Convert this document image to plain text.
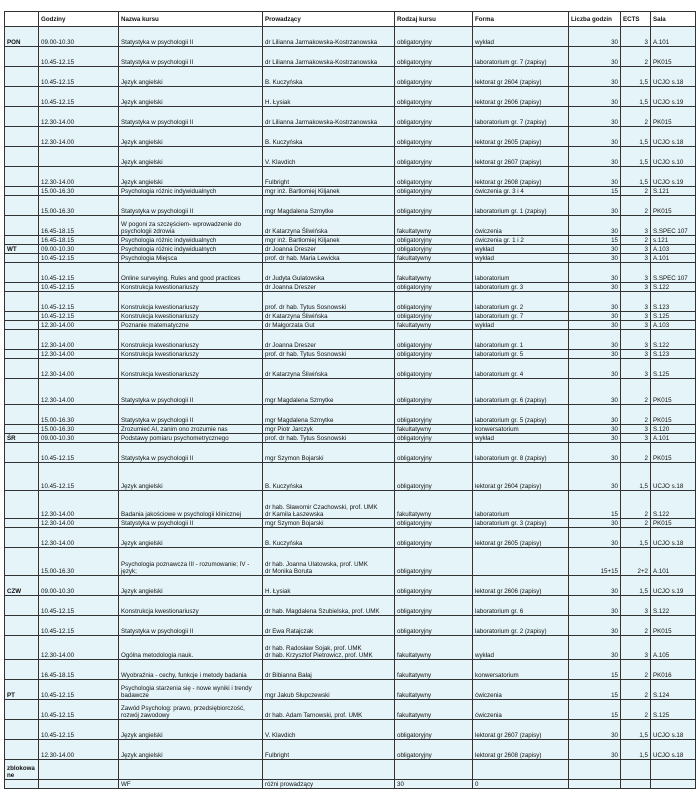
	Godziny	Nazwa kursu	Prowadzący	Rodzaj kursu	Forma	Liczba godzin	ECTS	Sala
PON	09.00-10.30	Statystyka w psychologii II	dr Lilianna Jarmakowska-Kostrzanowska	obligatoryjny	wykład	30	3	A.101
	10.45-12.15	Statystyka w psychologii II	dr Lilianna Jarmakowska-Kostrzanowska	obligatoryjny	laboratorium gr. 7 (zapisy)	30	2	PK015
	10.45-12.15	Język angielski	B. Kuczyńska	obligatoryjny	lektorat gr 2604 (zapisy)	30	1,5	UCJO s.18
	10.45-12.15	Język angielski	H. Łysiak	obligatoryjny	lektorat gr 2606 (zapisy)	30	1,5	UCJO s.19
	12.30-14.00	Statystyka w psychologii II	dr Lilianna Jarmakowska-Kostrzanowska	obligatoryjny	laboratorium gr. 7 (zapisy)	30	2	PK015
	12.30-14.00	Język angielski	B. Kuczyńska	obligatoryjny	lektorat gr 2605 (zapisy)	30	1,5	UCJO s.18
		Język angielski	V. Klavdich	obligatoryjny	lektorat gr 2607 (zapisy)	30	1,5	UCJO s.10
	12.30-14.00	Język angielski	Fulbright	obligatoryjny	lektorat gr 2608 (zapisy)	30	1,5	UCJO s.19
	15.00-16.30	Psychologia różnic indywidualnych	mgr inż. Bartłomiej Kiljanek	obligatoryjny	ćwiczenia gr. 3 i 4	15	2	S.121
	15.00-16.30	Statystyka w psychologii II	mgr Magdalena Szmytke	obligatoryjny	laboratorium gr. 1 (zapisy)	30	2	PK015
	16.45-18.15	W pogoni za szczęściem- wprowadzenie do psychologii zdrowia	dr Katarzyna Śliwińska	fakultatywny	ćwiczenia	30	3	S.SPEC 107
	16.45-18.15	Psychologia różnic indywidualnych	mgr inż. Bartłomiej Kiljanek	obligatoryjny	ćwiczenia gr. 1 i 2	15	2	s.121
WT	09.00-10.30	Psychologia różnic indywidualnych	dr Joanna Dreszer	obligatoryjny	wykład	30	3	A.103
	10.45-12.15	Psychologia Miejsca	prof. dr hab. Maria Lewicka	fakultatywny	wykład	30	3	A.101
	10.45-12.15	Online surveying. Rules and good practices	dr Judyta Gulatowska	fakultatywny	laboratorium	30	3	S.SPEC 107
	10.45-12.15	Konstrukcja kwestionariuszy	dr Joanna Dreszer	obligatoryjny	laboratorium gr. 3	30	3	S.122
	10.45-12.15	Konstrukcja kwestionariuszy	prof. dr hab. Tytus Sosnowski	obligatoryjny	laboratorium gr. 2	30	3	S.123
	10.45-12.15	Konstrukcja kwestionariuszy	dr Katarzyna Śliwińska	obligatoryjny	laboratorium gr. 7	30	3	S.125
	12.30-14.00	Poznanie matematyczne	dr Małgorzata Gut	fakultatywny	wykład	30	3	A.103
	12.30-14.00	Konstrukcja kwestionariuszy	dr Joanna Dreszer	obligatoryjny	laboratorium gr. 1	30	3	S.122
	12.30-14.00	Konstrukcja kwestionariuszy	prof. dr hab. Tytus Sosnowski	obligatoryjny	laboratorium gr. 5	30	3	S.123
	12.30-14.00	Konstrukcja kwestionariuszy	dr Katarzyna Śliwińska	obligatoryjny	laboratorium gr. 4	30	3	S.125
	12.30-14.00	Statystyka w psychologii II	mgr Magdalena Szmytke	obligatoryjny	laboratorium gr. 6 (zapisy)	30	2	PK015
	15.00-16.30	Statystyka w psychologii II	mgr Magdalena Szmytke	obligatoryjny	laboratorium gr. 5 (zapisy)	30	2	PK015
	15.00-16.30	Zrozumieć AI, zanim ono zrozumie nas	mgr Piotr Jarczyk	fakultatywny	konwersatorium	30	3	S.120
ŚR	09.00-10.30	Podstawy pomiaru psychometrycznego	prof. dr hab. Tytus Sosnowski	obligatoryjny	wykład	30	3	A.101
	10.45-12.15	Statystyka w psychologii II	mgr Szymon Bojarski	obligatoryjny	laboratorium gr. 8 (zapisy)	30	2	PK015
	10.45-12.15	Język angielski	B. Kuczyńska	obligatoryjny	lektorat gr 2604 (zapisy)	30	1,5	UCJO s.18
	12.30-14.00	Badania jakościowe w psychologii klinicznej	dr hab. Sławomir Czachowski, prof. UMK
dr Kamila Łaszewska	fakultatywny	laboratorium	15	2	S.122
	12.30-14.00	Statystyka w psychologii II	mgr Szymon Bojarski	obligatoryjny	laboratorium gr. 3 (zapisy)	30	2	PK015
	12.30-14.00	Język angielski	B. Kuczyńska	obligatoryjny	lektorat gr 2605 (zapisy)	30	1,5	UCJO s.18
	15.00-16.30	Psychologia poznawcza III - rozumowanie; IV - język;	dr hab. Joanna Ulatowska, prof. UMK
dr Monika Boruta	obligatoryjny		15+15	2+2	A.101
CZW	09.00-10.30	Język angielski	H. Łysiak	obligatoryjny	lektorat gr 2606 (zapisy)	30	1,5	UCJO s.19
	10.45-12.15	Konstrukcja kwestionariuszy	dr hab. Magdalena Szubielska, prof. UMK	obligatoryjny	laboratorium gr. 6	30	3	S.122
	10.45-12.15	Statystyka w psychologii II	dr Ewa Ratajczak	obligatoryjny	laboratorium gr. 2 (zapisy)	30	2	PK015
	12.30-14.00	Ogólna metodologia nauk.	dr hab. Radosław Sojak, prof. UMK
dr hab. Krzysztof Pietrowicz, prof. UMK	fakultatywny	wykład	30	3	A.105
	16.45-18.15	Wyobraźnia - cechy, funkcje i metody badania	dr Bibianna Bałaj	fakultatywny	konwersatorium	15	2	PK016
PT	10.45-12.15	Psychologia starzenia się - nowe wyniki i trendy badawcze	mgr Jakub Słupczewski	fakultatywny	ćwiczenia	15	2	S.124
	10.45-12.15	Zawód Psycholog: prawo, przedsiębiorczość, rozwój zawodowy	dr hab. Adam Tarnowski, prof. UMK	fakultatywny	ćwiczenia	15	2	S.125
	10.45-12.15	Język angielski	V. Klavdich	obligatoryjny	lektorat gr 2607 (zapisy)	30	1,5	UCJO s.18
	12.30-14.00	Język angielski	Fulbright	obligatoryjny	lektorat gr 2608 (zapisy)	30	1,5	UCJO s.18
zblokowa ne								
		WF	różni prowadzący	30	0			
